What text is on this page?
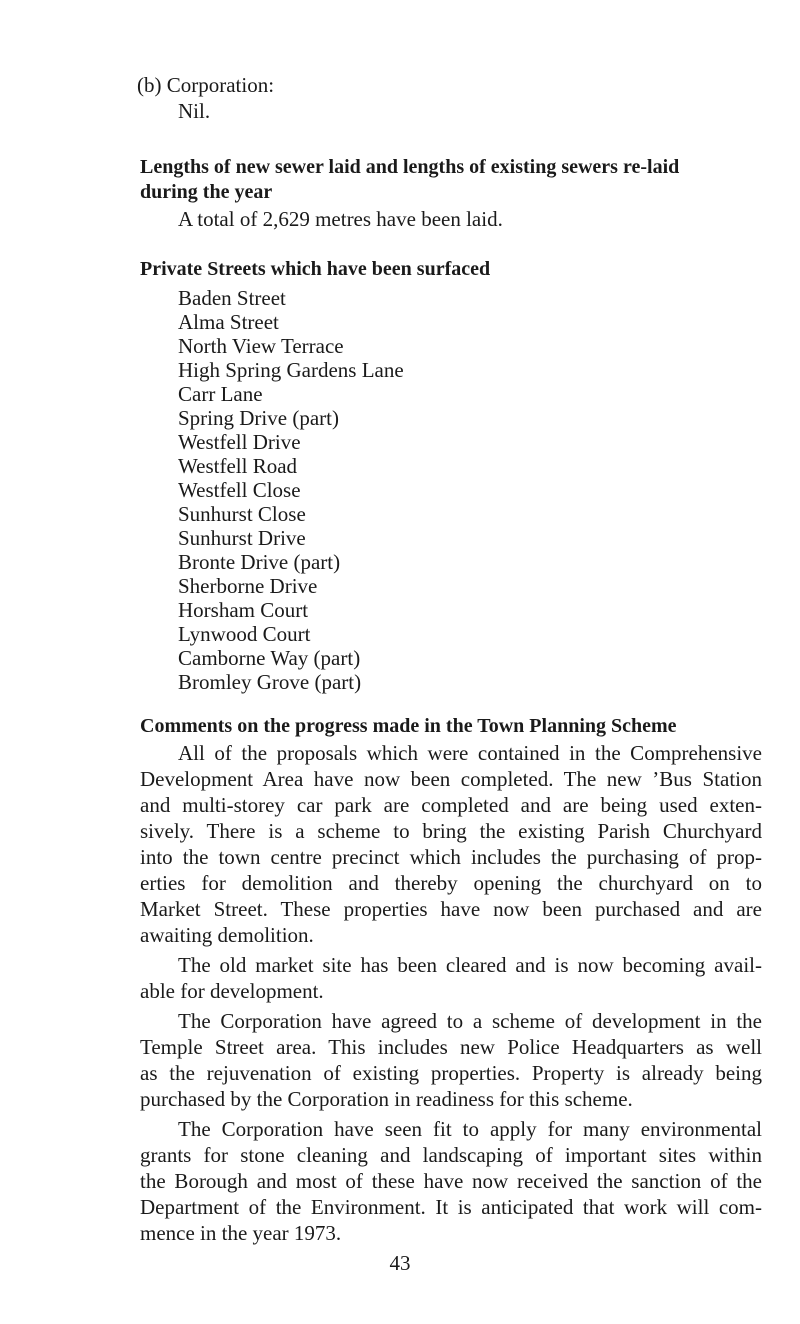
(b) Corporation:
Nil.
Lengths of new sewer laid and lengths of existing sewers re-laid
during the year
A total of 2,629 metres have been laid.
Private Streets which have been surfaced
Baden Street
Alma Street
North View Terrace
High Spring Gardens Lane
Carr Lane
Spring Drive (part)
Westfell Drive
Westfell Road
Westfell Close
Sunhurst Close
Sunhurst Drive
Bronte Drive (part)
Sherborne Drive
Horsham Court
Lynwood Court
Camborne Way (part)
Bromley Grove (part)
Comments on the progress made in the Town Planning Scheme
All of the proposals which were contained in the Comprehensive
Development Area have now been completed. The new ’Bus Station
and multi-storey car park are completed and are being used exten-
sively. There is a scheme to bring the existing Parish Churchyard
into the town centre precinct which includes the purchasing of prop-
erties for demolition and thereby opening the churchyard on to
Market Street. These properties have now been purchased and are
awaiting demolition.
The old market site has been cleared and is now becoming avail-
able for development.
The Corporation have agreed to a scheme of development in the
Temple Street area. This includes new Police Headquarters as well
as the rejuvenation of existing properties. Property is already being
purchased by the Corporation in readiness for this scheme.
The Corporation have seen fit to apply for many environmental
grants for stone cleaning and landscaping of important sites within
the Borough and most of these have now received the sanction of the
Department of the Environment. It is anticipated that work will com-
mence in the year 1973.
43
